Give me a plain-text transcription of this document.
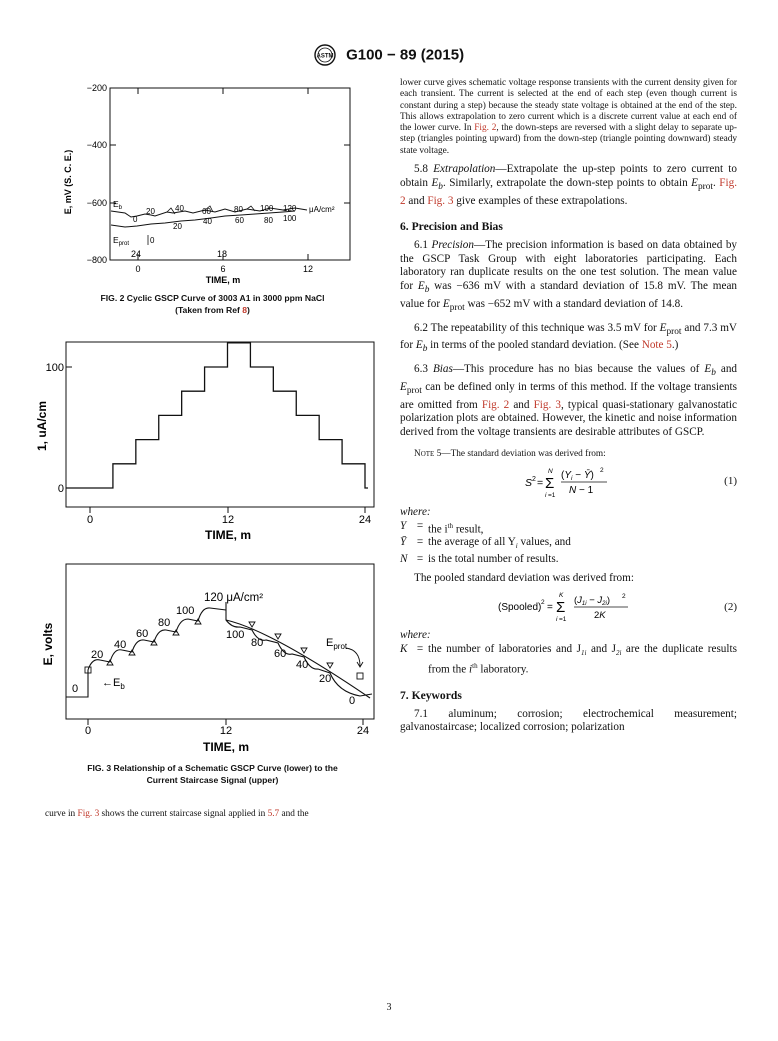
ASTM G100 − 89 (2015)
−200
−400
−600
−800
E, mV (S. C. E.)
0	6	12
TIME, m
$E_b$
$E_{prot}$
0
20	40 60	80 100 120 μA/cm²
20
40	60	80 100
0
24	18
FIG. 2 Cyclic GSCP Curve of 3003 A1 in 3000 ppm NaCl
(Taken from Ref 8)
100
0
1, uA/cm
0	12	24
TIME, m
E, volts
0	12	24
TIME, m
0
20
40
60
80
100
120 μA/cm²
100
80
60
40
20
0
$\leftarrow E_b$
$E_{prot}$
FIG. 3 Relationship of a Schematic GSCP Curve (lower) to the
Current Staircase Signal (upper)
curve in Fig. 3 shows the current staircase signal applied in 5.7 and the

lower curve gives schematic voltage response transients with the current density given for each transient. The current is selected at the end of each step (even though current is constant during a step) because the steady state voltage is obtained at the end of the step. This allows extrapolation to zero current which is a discrete current value at each end of the lower curve. In Fig. 2, the down-steps are reversed with a slight delay to separate up-step (triangles pointing upward) from the down-step (triangle pointing downward) steady state voltage.

5.8 Extrapolation—Extrapolate the up-step points to zero current to obtain $E_b$. Similarly, extrapolate the down-step points to obtain $E_{prot}$. Fig. 2 and Fig. 3 give examples of these extrapolations.

6. Precision and Bias

6.1 Precision—The precision information is based on data obtained by the GSCP Task Group with eight laboratories participating. Each laboratory ran duplicate results on the one test solution. The mean value for $E_b$ was −636 mV with a standard deviation of 15.8 mV. The mean value for $E_{prot}$ was −652 mV with a standard deviation of 14.8.

6.2 The repeatability of this technique was 3.5 mV for $E_{prot}$ and 7.3 mV for $E_b$ in terms of the pooled standard deviation. (See Note 5.)

6.3 Bias—This procedure has no bias because the values of $E_b$ and $E_{prot}$ can be defined only in terms of this method. If the voltage transients are omitted from Fig. 2 and Fig. 3, typical quasi-stationary galvanostatic polarization plots are obtained. However, the kinetic and noise information derived from the voltage transients are desirable attributes of GSCP.

Note 5—The standard deviation was derived from:

S 2 =
N
Σ
i =1
($Y_i$ − Ȳ) 2
N − 1
(1)

where:

Y	=	the $i^{th}$ result,
Ȳ	=	the average of all $Y_i$ values, and
N	=	is the total number of results.

The pooled standard deviation was derived from:

(Spooled) 2 =
K
Σ
i =1
$(J_{1i} - J_{2i})$ 2
2K
(2)

where:

K	=	the number of laboratories and $J_{1i}$ and $J_{2i}$ are the duplicate results from the $i^{th}$ laboratory.
7. Keywords

7.1 aluminum; corrosion; electrochemical measurement; galvanostaircase; localized corrosion; polarization

3
